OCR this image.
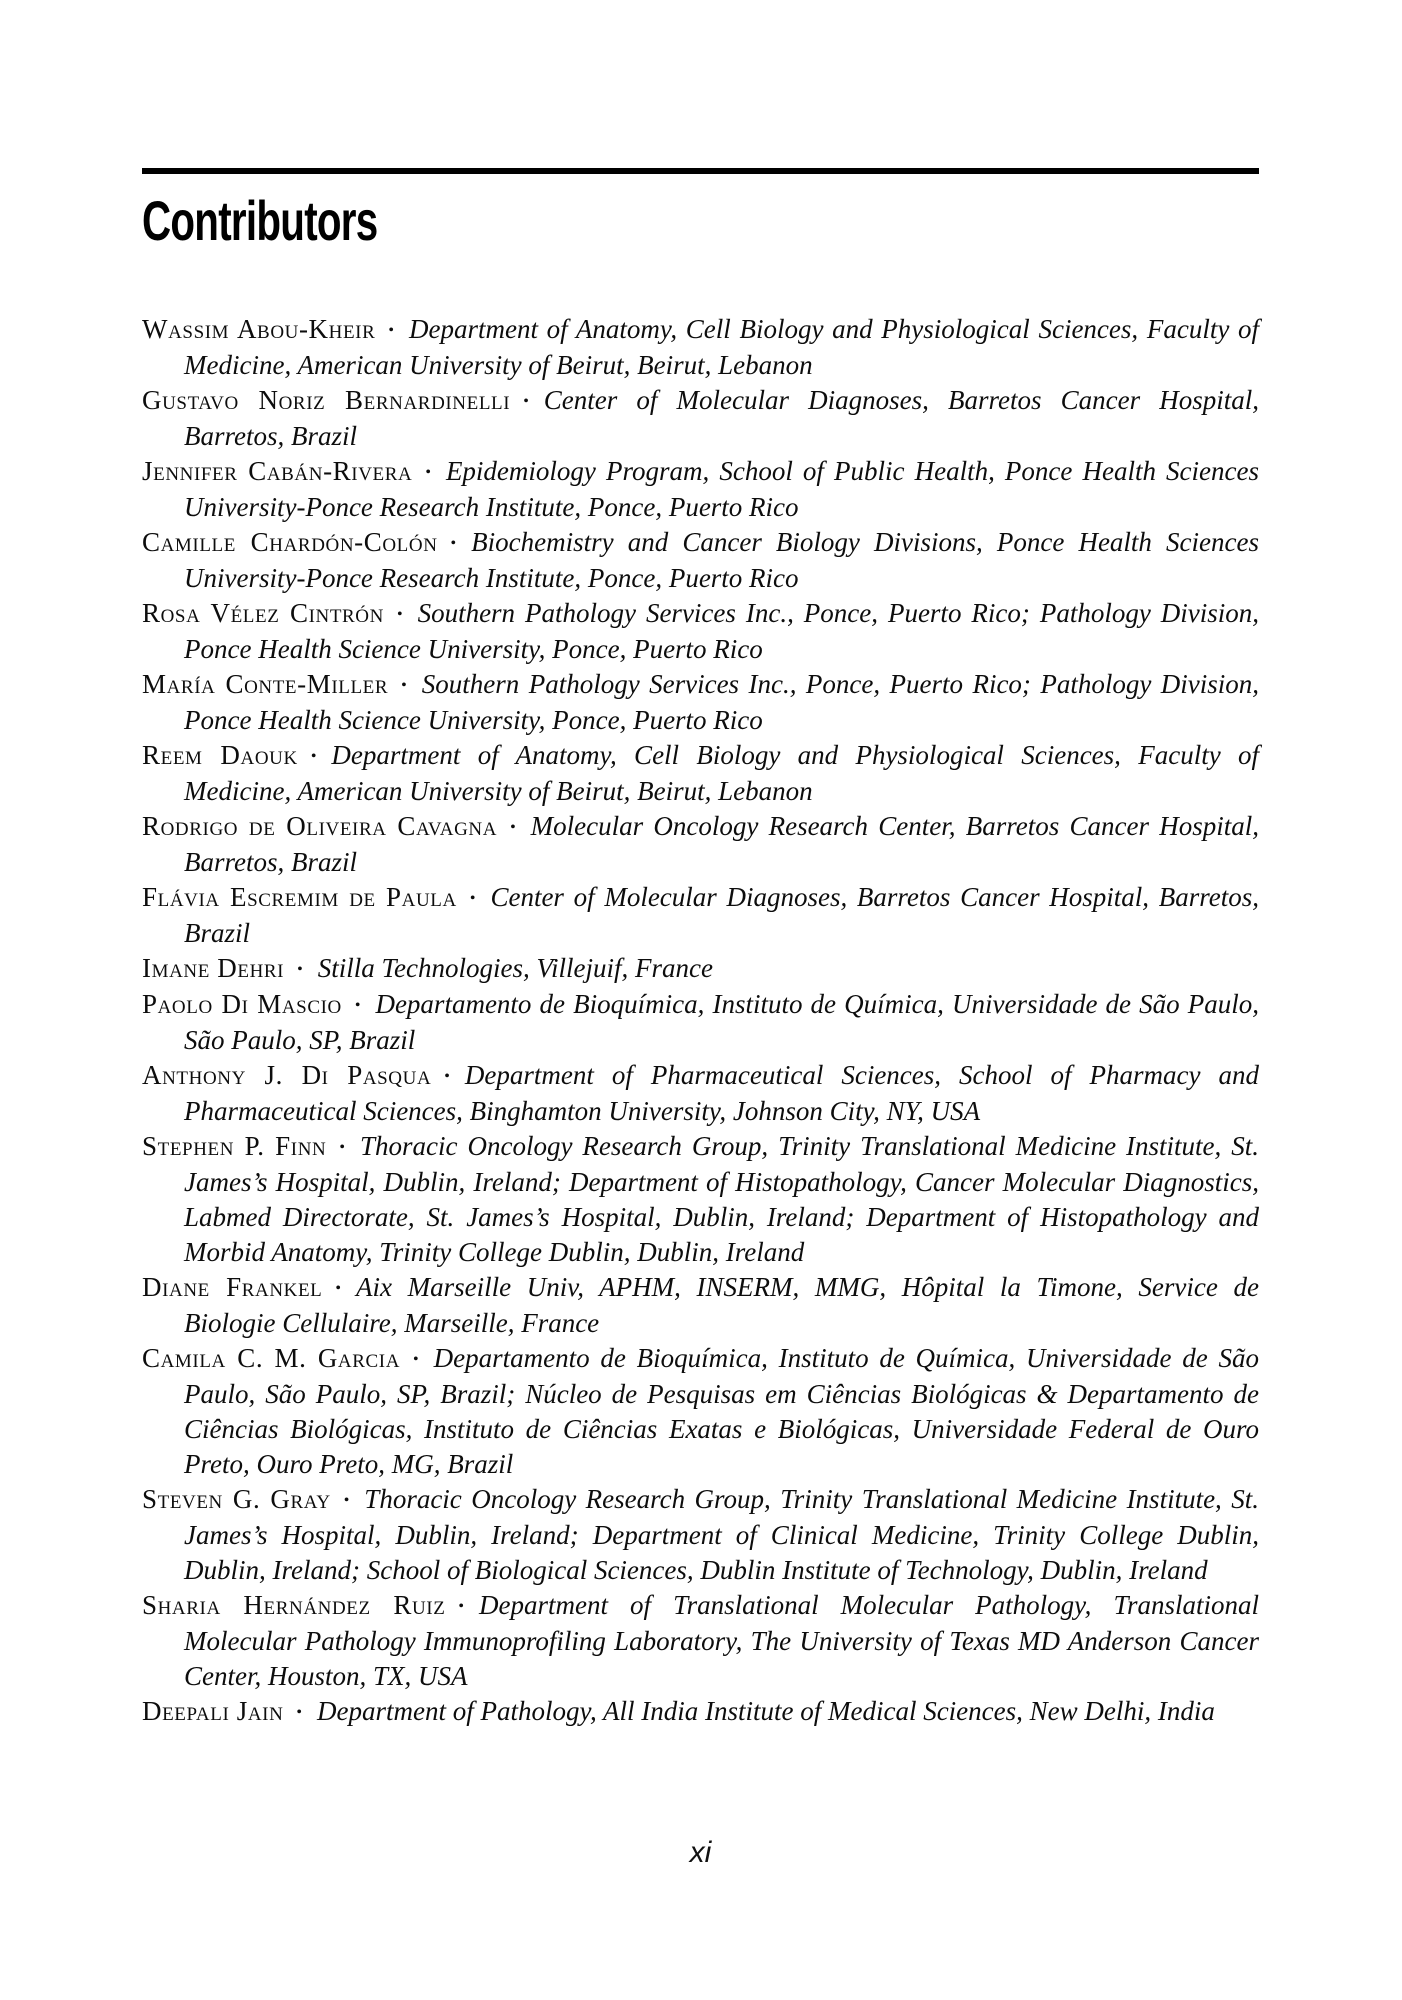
Contributors
Wassim Abou-Kheir • Department of Anatomy, Cell Biology and Physiological Sciences, Faculty of Medicine, American University of Beirut, Beirut, Lebanon
Gustavo Noriz Bernardinelli • Center of Molecular Diagnoses, Barretos Cancer Hospital, Barretos, Brazil
Jennifer Cabán-Rivera • Epidemiology Program, School of Public Health, Ponce Health Sciences University-Ponce Research Institute, Ponce, Puerto Rico
Camille Chardón-Colón • Biochemistry and Cancer Biology Divisions, Ponce Health Sciences University-Ponce Research Institute, Ponce, Puerto Rico
Rosa Vélez Cintrón • Southern Pathology Services Inc., Ponce, Puerto Rico; Pathology Division, Ponce Health Science University, Ponce, Puerto Rico
María Conte-Miller • Southern Pathology Services Inc., Ponce, Puerto Rico; Pathology Division, Ponce Health Science University, Ponce, Puerto Rico
Reem Daouk • Department of Anatomy, Cell Biology and Physiological Sciences, Faculty of Medicine, American University of Beirut, Beirut, Lebanon
Rodrigo de Oliveira Cavagna • Molecular Oncology Research Center, Barretos Cancer Hospital, Barretos, Brazil
Flávia Escremim de Paula • Center of Molecular Diagnoses, Barretos Cancer Hospital, Barretos, Brazil
Imane Dehri • Stilla Technologies, Villejuif, France
Paolo Di Mascio • Departamento de Bioquímica, Instituto de Química, Universidade de São Paulo, São Paulo, SP, Brazil
Anthony J. Di Pasqua • Department of Pharmaceutical Sciences, School of Pharmacy and Pharmaceutical Sciences, Binghamton University, Johnson City, NY, USA
Stephen P. Finn • Thoracic Oncology Research Group, Trinity Translational Medicine Institute, St. James’s Hospital, Dublin, Ireland; Department of Histopathology, Cancer Molecular Diagnostics, Labmed Directorate, St. James’s Hospital, Dublin, Ireland; Department of Histopathology and Morbid Anatomy, Trinity College Dublin, Dublin, Ireland
Diane Frankel • Aix Marseille Univ, APHM, INSERM, MMG, Hôpital la Timone, Service de Biologie Cellulaire, Marseille, France
Camila C. M. Garcia • Departamento de Bioquímica, Instituto de Química, Universidade de São Paulo, São Paulo, SP, Brazil; Núcleo de Pesquisas em Ciências Biológicas & Departamento de Ciências Biológicas, Instituto de Ciências Exatas e Biológicas, Universidade Federal de Ouro Preto, Ouro Preto, MG, Brazil
Steven G. Gray • Thoracic Oncology Research Group, Trinity Translational Medicine Institute, St. James’s Hospital, Dublin, Ireland; Department of Clinical Medicine, Trinity College Dublin, Dublin, Ireland; School of Biological Sciences, Dublin Institute of Technology, Dublin, Ireland
Sharia Hernández Ruiz • Department of Translational Molecular Pathology, Translational Molecular Pathology Immunoprofiling Laboratory, The University of Texas MD Anderson Cancer Center, Houston, TX, USA
Deepali Jain • Department of Pathology, All India Institute of Medical Sciences, New Delhi, India
xi
